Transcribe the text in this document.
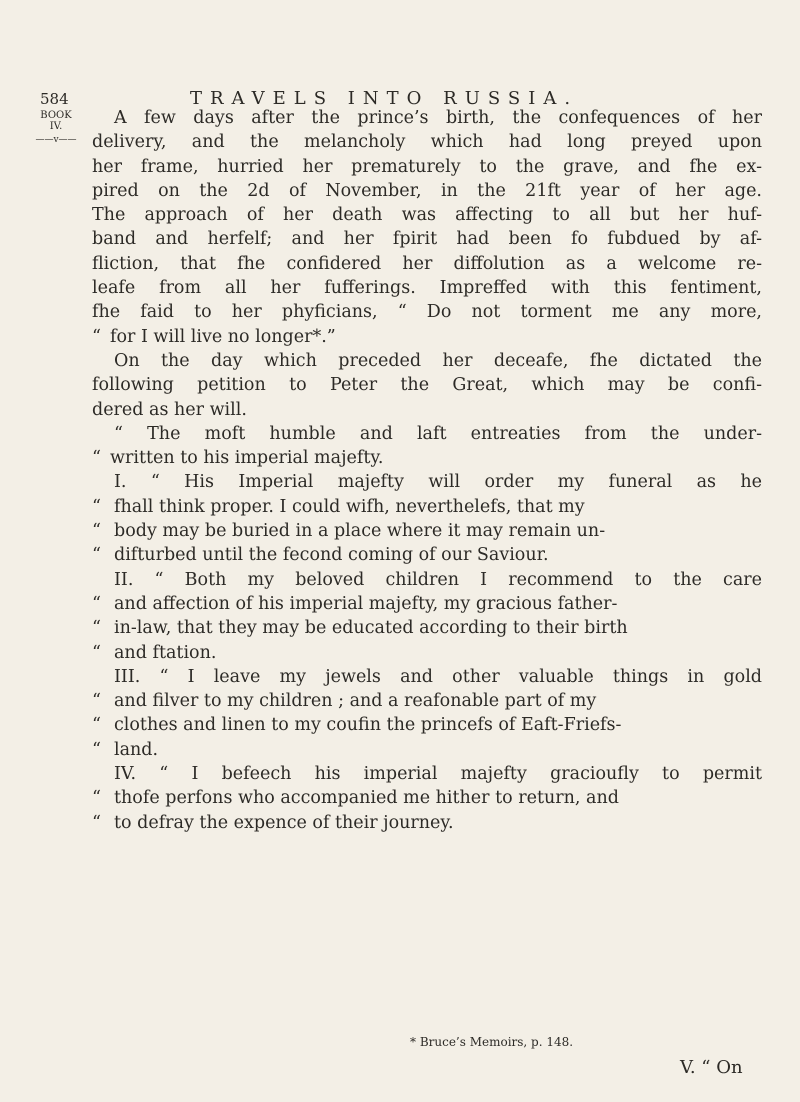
584	TRAVELS INTO RUSSIA.
BOOK
IV.
——v——
A few days after the prince’s birth, the confequences of her
delivery, and the melancholy which had long preyed upon
her frame, hurried her prematurely to the grave, and fhe ex-
pired on the 2d of November, in the 21ft year of her age.
The approach of her death was affecting to all but her huf-
band and herfelf; and her fpirit had been fo fubdued by af-
fliction, that fhe confidered her diffolution as a welcome re-
leafe from all her fufferings. Impreffed with this fentiment,
fhe faid to her phyficians, “ Do not torment me any more,
“ for I will live no longer*.”
On the day which preceded her deceafe, fhe dictated the
following petition to Peter the Great, which may be confi-
dered as her will.
“ The moft humble and laft entreaties from the under-
“ written to his imperial majefty.
I. “ His Imperial majefty will order my funeral as he
“ fhall think proper. I could wifh, neverthelefs, that my
“ body may be buried in a place where it may remain un-
“ difturbed until the fecond coming of our Saviour.
II. “ Both my beloved children I recommend to the care
“ and affection of his imperial majefty, my gracious father-
“ in-law, that they may be educated according to their birth
“ and ftation.
III. “ I leave my jewels and other valuable things in gold
“ and filver to my children ; and a reafonable part of my
“ clothes and linen to my coufin the princefs of Eaft-Friefs-
“ land.
IV. “ I befeech his imperial majefty gracioufly to permit
“ thofe perfons who accompanied me hither to return, and
“ to defray the expence of their journey.
* Bruce’s Memoirs, p. 148.
V. “ On
